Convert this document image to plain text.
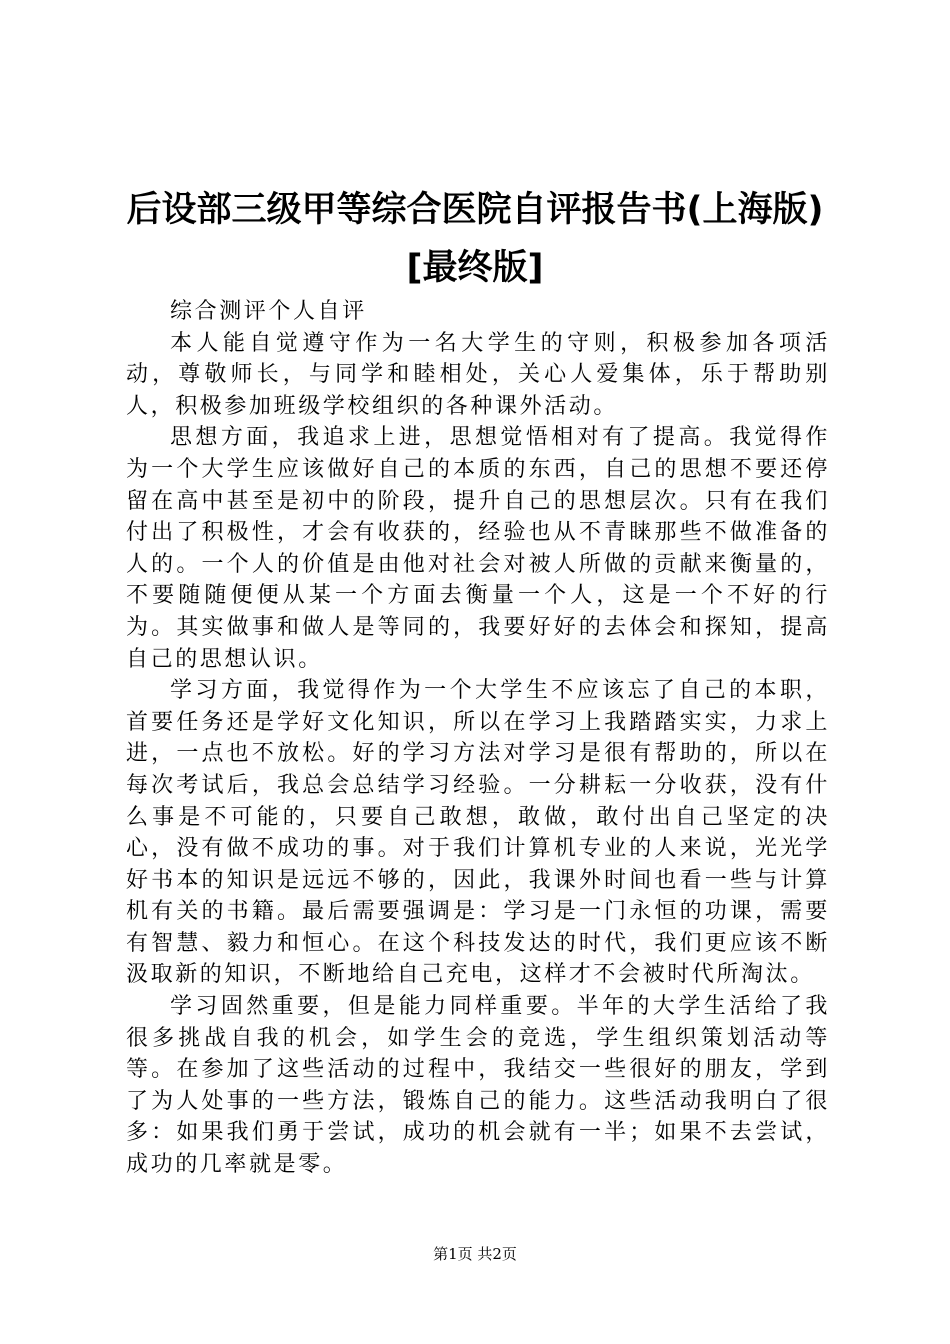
后设部三级甲等综合医院自评报告书(上海版)
[最终版]

综合测评个人自评

本人能自觉遵守作为一名大学生的守则，积极参加各项活动，尊敬师长，与同学和睦相处，关心人爱集体，乐于帮助别人，积极参加班级学校组织的各种课外活动。

思想方面，我追求上进，思想觉悟相对有了提高。我觉得作为一个大学生应该做好自己的本质的东西，自己的思想不要还停留在高中甚至是初中的阶段，提升自己的思想层次。只有在我们付出了积极性，才会有收获的，经验也从不青睐那些不做准备的人的。一个人的价值是由他对社会对被人所做的贡献来衡量的，不要随随便便从某一个方面去衡量一个人，这是一个不好的行为。其实做事和做人是等同的，我要好好的去体会和探知，提高自己的思想认识。

学习方面，我觉得作为一个大学生不应该忘了自己的本职，首要任务还是学好文化知识，所以在学习上我踏踏实实，力求上进，一点也不放松。好的学习方法对学习是很有帮助的，所以在每次考试后，我总会总结学习经验。一分耕耘一分收获，没有什么事是不可能的，只要自己敢想，敢做，敢付出自己坚定的决心，没有做不成功的事。对于我们计算机专业的人来说，光光学好书本的知识是远远不够的，因此，我课外时间也看一些与计算机有关的书籍。最后需要强调是：学习是一门永恒的功课，需要有智慧、毅力和恒心。在这个科技发达的时代，我们更应该不断汲取新的知识，不断地给自己充电，这样才不会被时代所淘汰。

学习固然重要，但是能力同样重要。半年的大学生活给了我很多挑战自我的机会，如学生会的竞选，学生组织策划活动等等。在参加了这些活动的过程中，我结交一些很好的朋友，学到了为人处事的一些方法，锻炼自己的能力。这些活动我明白了很多：如果我们勇于尝试，成功的机会就有一半；如果不去尝试，成功的几率就是零。

第1页 共2页
